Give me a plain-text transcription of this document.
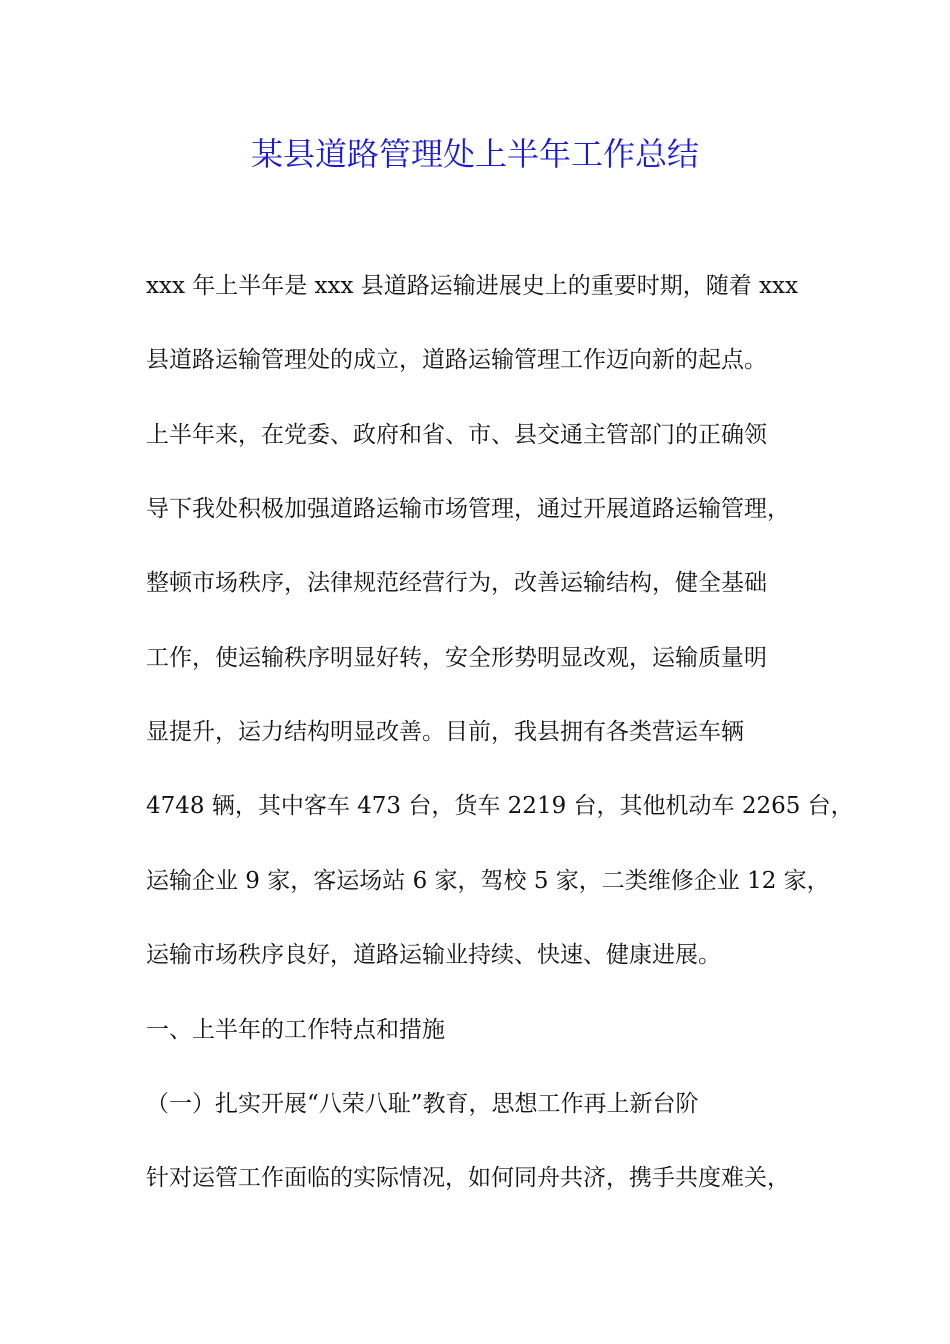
某县道路管理处上半年工作总结

xxx 年上半年是 xxx 县道路运输进展史上的重要时期，随着 xxx

县道路运输管理处的成立，道路运输管理工作迈向新的起点。

上半年来，在党委、政府和省、市、县交通主管部门的正确领

导下我处积极加强道路运输市场管理，通过开展道路运输管理，

整顿市场秩序，法律规范经营行为，改善运输结构，健全基础

工作，使运输秩序明显好转，安全形势明显改观，运输质量明

显提升，运力结构明显改善。目前，我县拥有各类营运车辆

4748 辆，其中客车 473 台，货车 2219 台，其他机动车 2265 台，

运输企业 9 家，客运场站 6 家，驾校 5 家，二类维修企业 12 家，

运输市场秩序良好，道路运输业持续、快速、健康进展。

一、上半年的工作特点和措施

（一）扎实开展“八荣八耻”教育，思想工作再上新台阶

针对运管工作面临的实际情况，如何同舟共济，携手共度难关，
